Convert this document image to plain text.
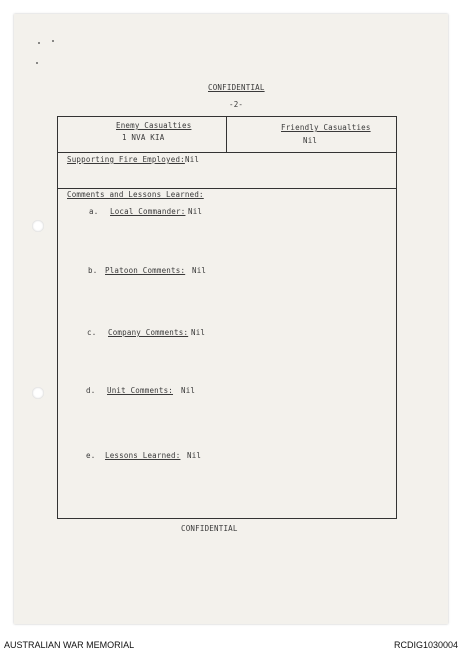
CONFIDENTIAL
-2-
Enemy Casualties
1 NVA KIA
Friendly Casualties
Nil
Supporting Fire Employed: Nil
Comments and Lessons Learned:
a. Local Commander: Nil
b. Platoon Comments: Nil
c. Company Comments: Nil
d. Unit Comments: Nil
e. Lessons Learned: Nil
CONFIDENTIAL
AUSTRALIAN WAR MEMORIAL	RCDIG1030004
